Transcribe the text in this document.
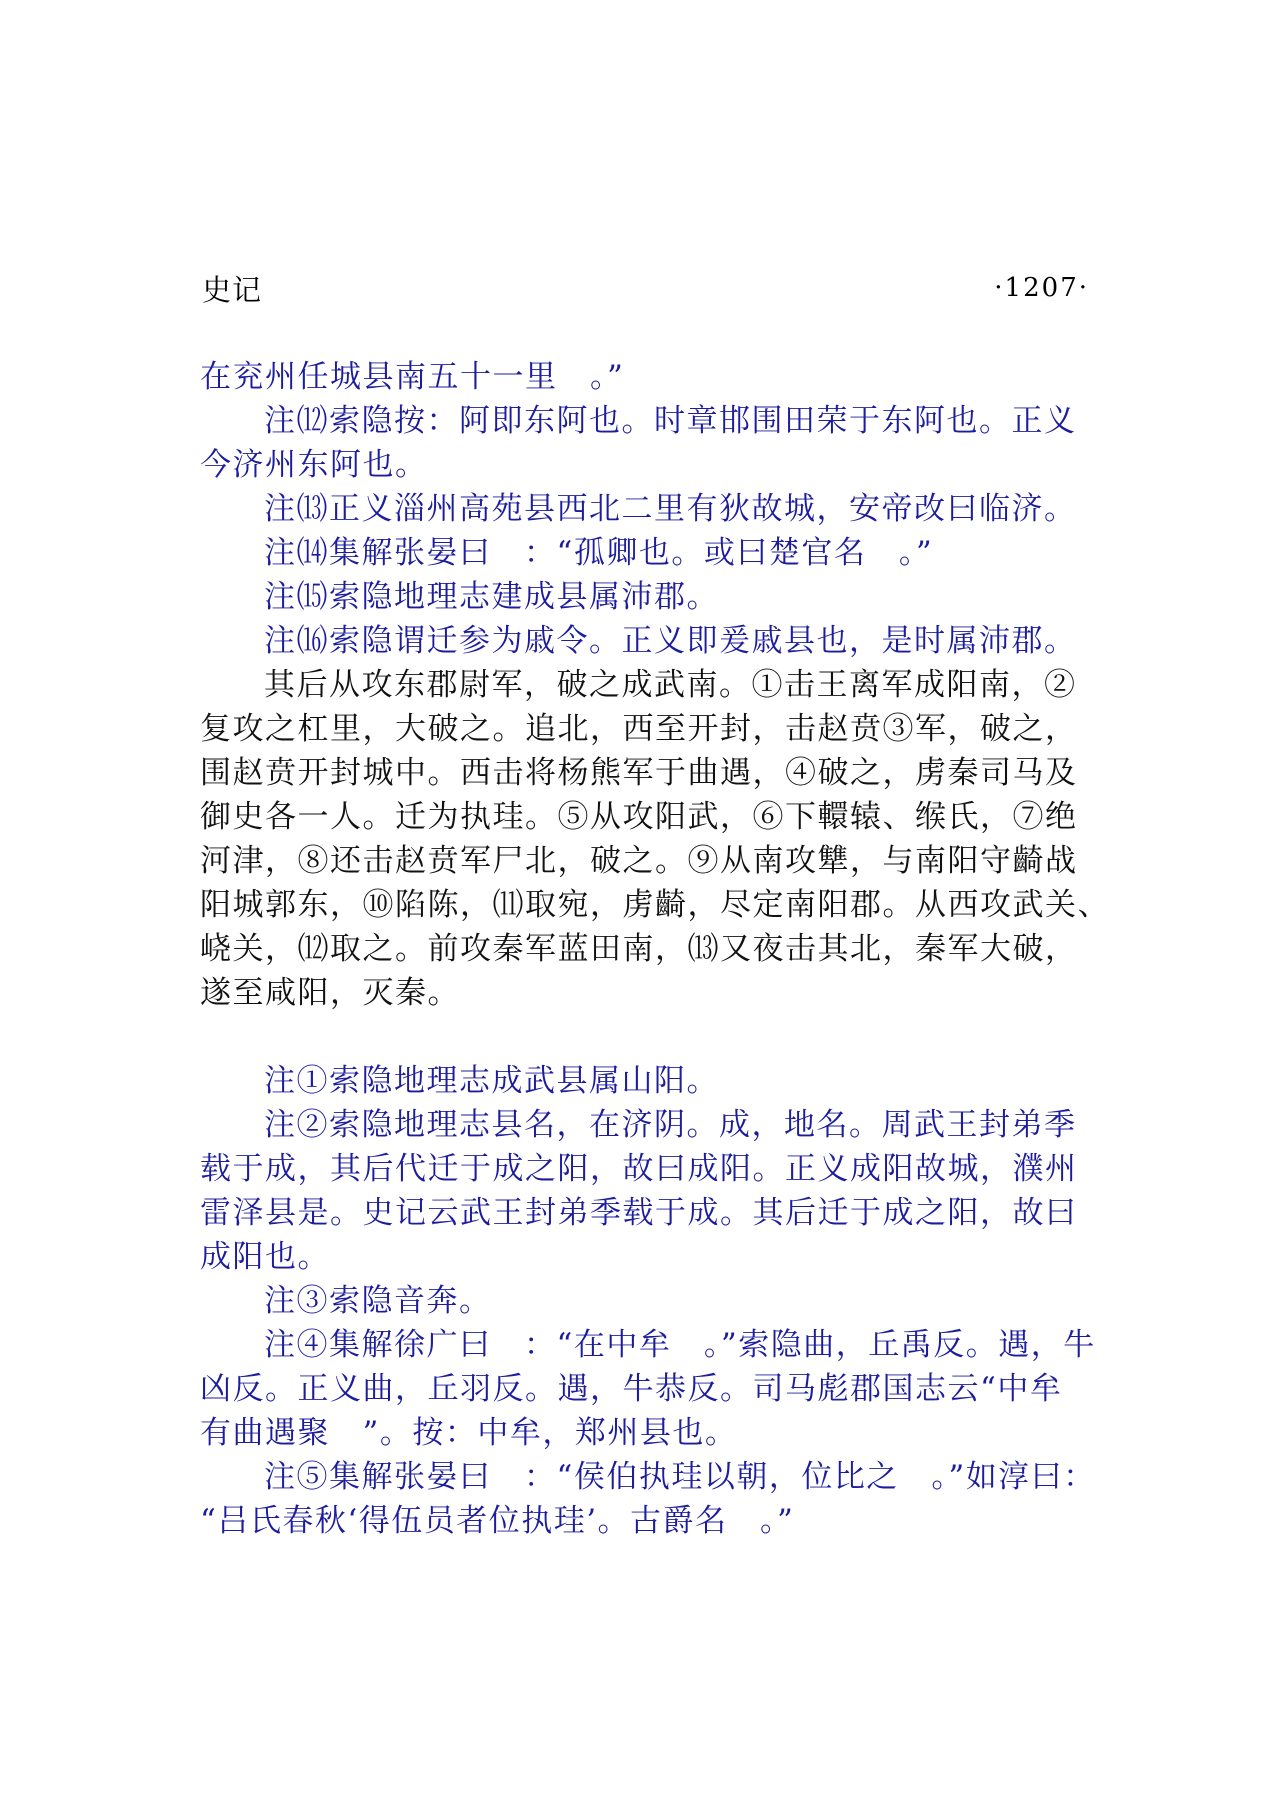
史记	·1207·

在兖州任城县南五十一里　。”

注⑿索隐按：阿即东阿也。时章邯围田荣于东阿也。正义

今济州东阿也。

注⒀正义淄州高苑县西北二里有狄故城，安帝改曰临济。

注⒁集解张晏曰　：“孤卿也。或曰楚官名　。”

注⒂索隐地理志建成县属沛郡。

注⒃索隐谓迁参为戚令。正义即爰戚县也，是时属沛郡。

其后从攻东郡尉军，破之成武南。①击王离军成阳南，②

复攻之杠里，大破之。追北，西至开封，击赵贲③军，破之，

围赵贲开封城中。西击将杨熊军于曲遇，④破之，虏秦司马及

御史各一人。迁为执珪。⑤从攻阳武，⑥下轘辕、缑氏，⑦绝

河津，⑧还击赵贲军尸北，破之。⑨从南攻犨，与南阳守齮战

阳城郭东，⑩陷陈，⑾取宛，虏齮，尽定南阳郡。从西攻武关、

峣关，⑿取之。前攻秦军蓝田南，⒀又夜击其北，秦军大破，

遂至咸阳，灭秦。

注①索隐地理志成武县属山阳。

注②索隐地理志县名，在济阴。成，地名。周武王封弟季

载于成，其后代迁于成之阳，故曰成阳。正义成阳故城，濮州

雷泽县是。史记云武王封弟季载于成。其后迁于成之阳，故曰

成阳也。

注③索隐音奔。

注④集解徐广曰　：“在中牟　。”索隐曲，丘禹反。遇，牛

凶反。正义曲，丘羽反。遇，牛恭反。司马彪郡国志云“中牟

有曲遇聚　”。按：中牟，郑州县也。

注⑤集解张晏曰　：“侯伯执珪以朝，位比之　。”如淳曰：

“吕氏春秋‘得伍员者位执珪’。古爵名　。”
